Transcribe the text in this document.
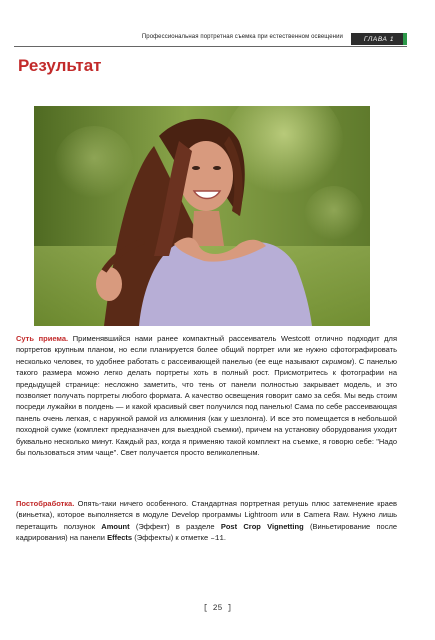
Профессиональная портретная съемка при естественном освещении	ГЛАВА 1
Результат
Суть приема. Применявшийся нами ранее компактный рассеиватель Westcott отлично подходит для портретов крупным планом, но если планируется более общий портрет или же нужно сфотографировать несколько человек, то удобнее работать с рассеивающей панелью (ее еще называют скримом). С панелью такого размера можно легко делать портреты хоть в полный рост. Присмотритесь к фотографии на предыдущей странице: несложно заметить, что тень от панели полностью закрывает модель, и это позволяет получать портреты любого формата. А качество освещения говорит само за себя. Мы ведь стоим посреди лужайки в полдень — и какой красивый свет получился под панелью! Сама по себе рассеивающая панель очень легкая, с наружной рамой из алюминия (как у шезлонга). И все это помещается в небольшой походной сумке (комплект предназначен для выездной съемки), причем на установку оборудования уходит буквально несколько минут. Каждый раз, когда я применяю такой комплект на съемке, я говорю себе: "Надо бы пользоваться этим чаще". Свет получается просто великолепным.
Постобработка. Опять-таки ничего особенного. Стандартная портретная ретушь плюс затемнение краев (виньетка), которое выполняется в модуле Develop программы Lightroom или в Camera Raw. Нужно лишь перетащить ползунок Amount (Эффект) в разделе Post Crop Vignetting (Виньетирование после кадрирования) на панели Effects (Эффекты) к отметке –11.
[ 25 ]
